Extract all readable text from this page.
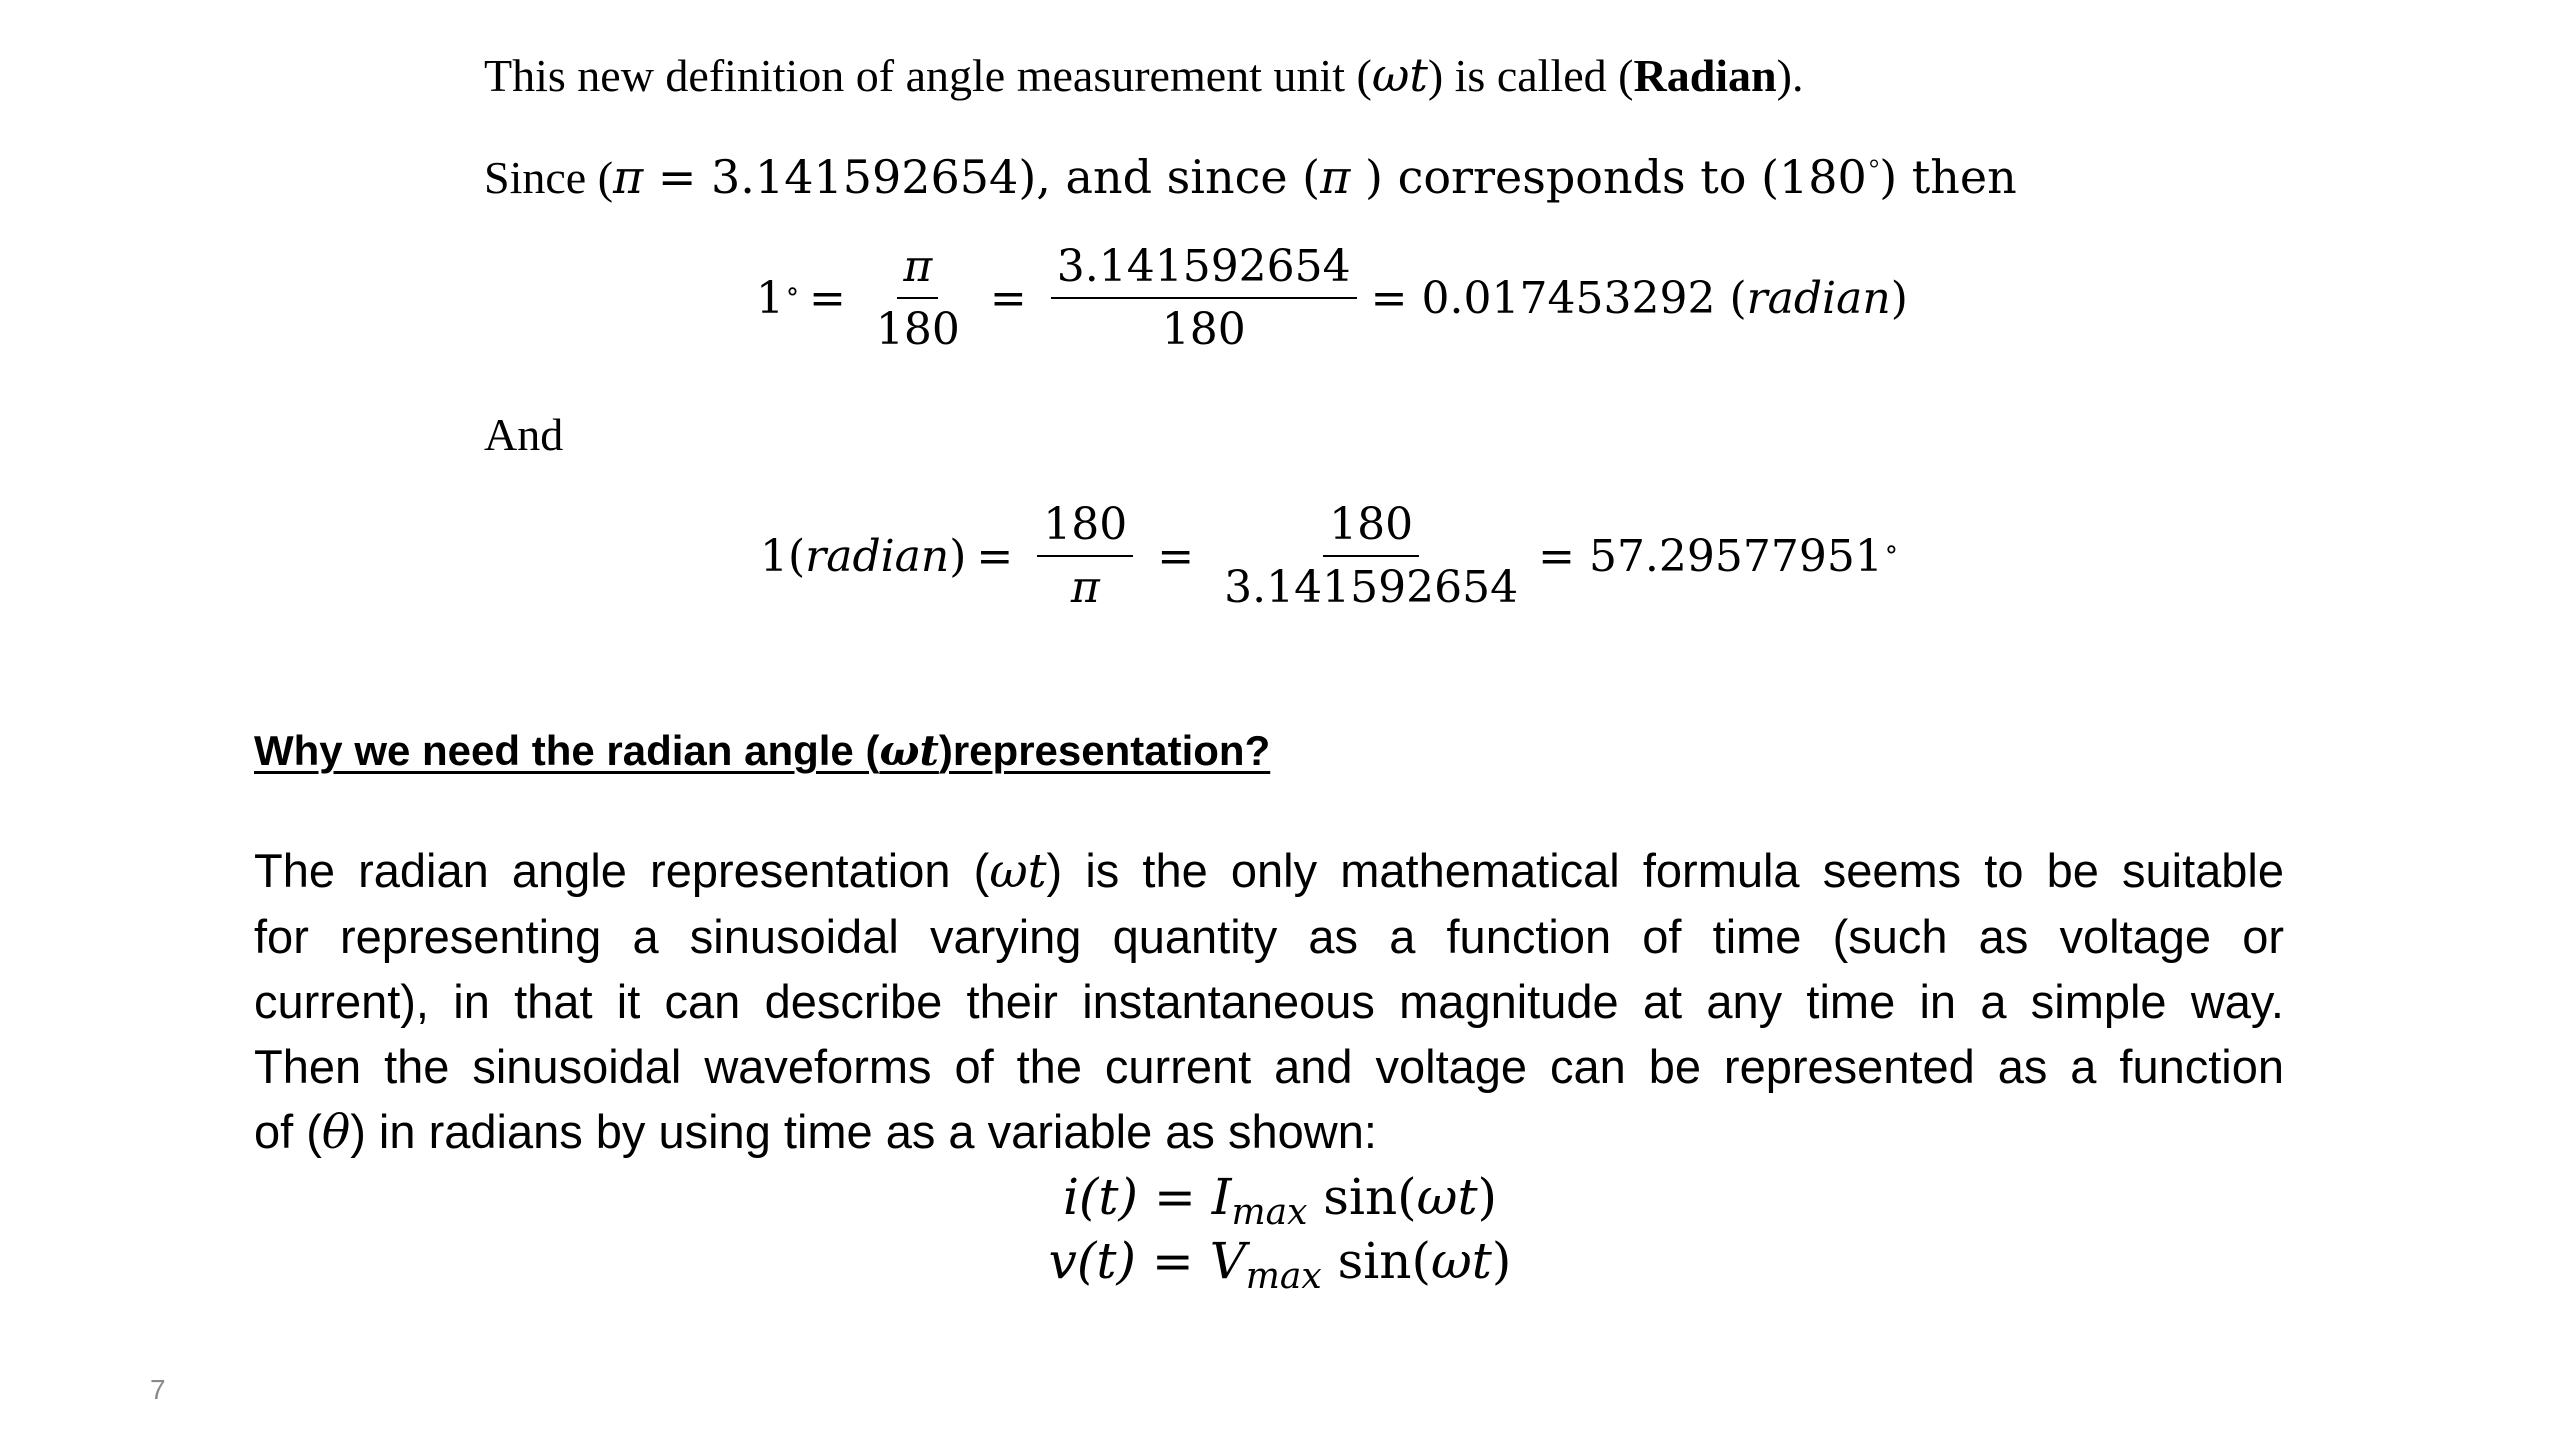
This new definition of angle measurement unit (ωt) is called (Radian).
Since (π = 3.141592654), and since (π ) corresponds to (180°) then
1 ° = $\frac{\pi}{180} = \frac{3.141592654}{180} = 0.017453292$ (radian)
And
1(radian) = $\frac{180}{\pi} = \frac{180}{3.141592654} = 57.29577951$ °
Why we need the radian angle (ωt)representation?
The radian angle representation (ωt) is the only mathematical formula seems to be suitable
for representing a sinusoidal varying quantity as a function of time (such as voltage or
current), in that it can describe their instantaneous magnitude at any time in a simple way.
Then the sinusoidal waveforms of the current and voltage can be represented as a function
of (θ) in radians by using time as a variable as shown:
$i(t) = I_{max}$ sin(ωt)
$v(t) = V_{max}$ sin(ωt)
7
